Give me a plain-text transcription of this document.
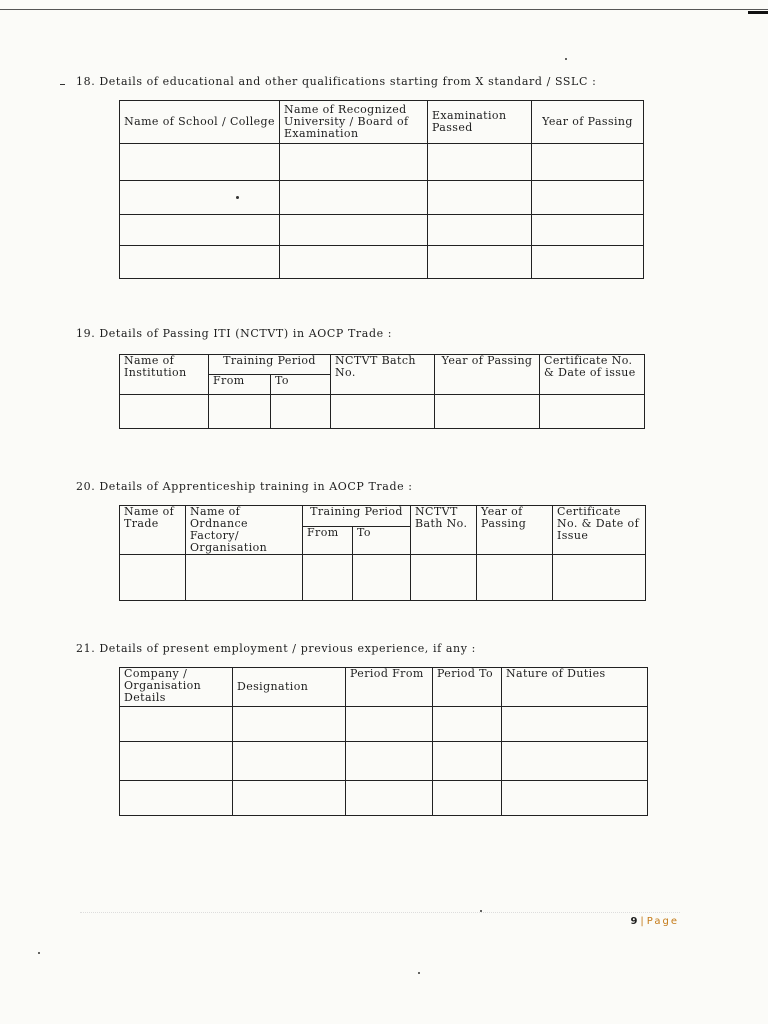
18. Details of educational and other qualifications starting from X standard / SSLC :
Name of School / College	Name of Recognized University / Board of Examination	Examination Passed	Year of Passing

19. Details of Passing ITI (NCTVT) in AOCP Trade :
Name of Institution	Training Period		NCTVT Batch No.	Year of Passing	Certificate No. & Date of issue
	From	To			

20. Details of Apprenticeship training in AOCP Trade :
Name of Trade	Name of Ordnance Factory/ Organisation	Training Period		NCTVT Bath No.	Year of Passing	Certificate No. & Date of Issue
		From	To			

21. Details of present employment / previous experience, if any :
Company / Organisation Details	Designation	Period From	Period To	Nature of Duties

9 | Page
